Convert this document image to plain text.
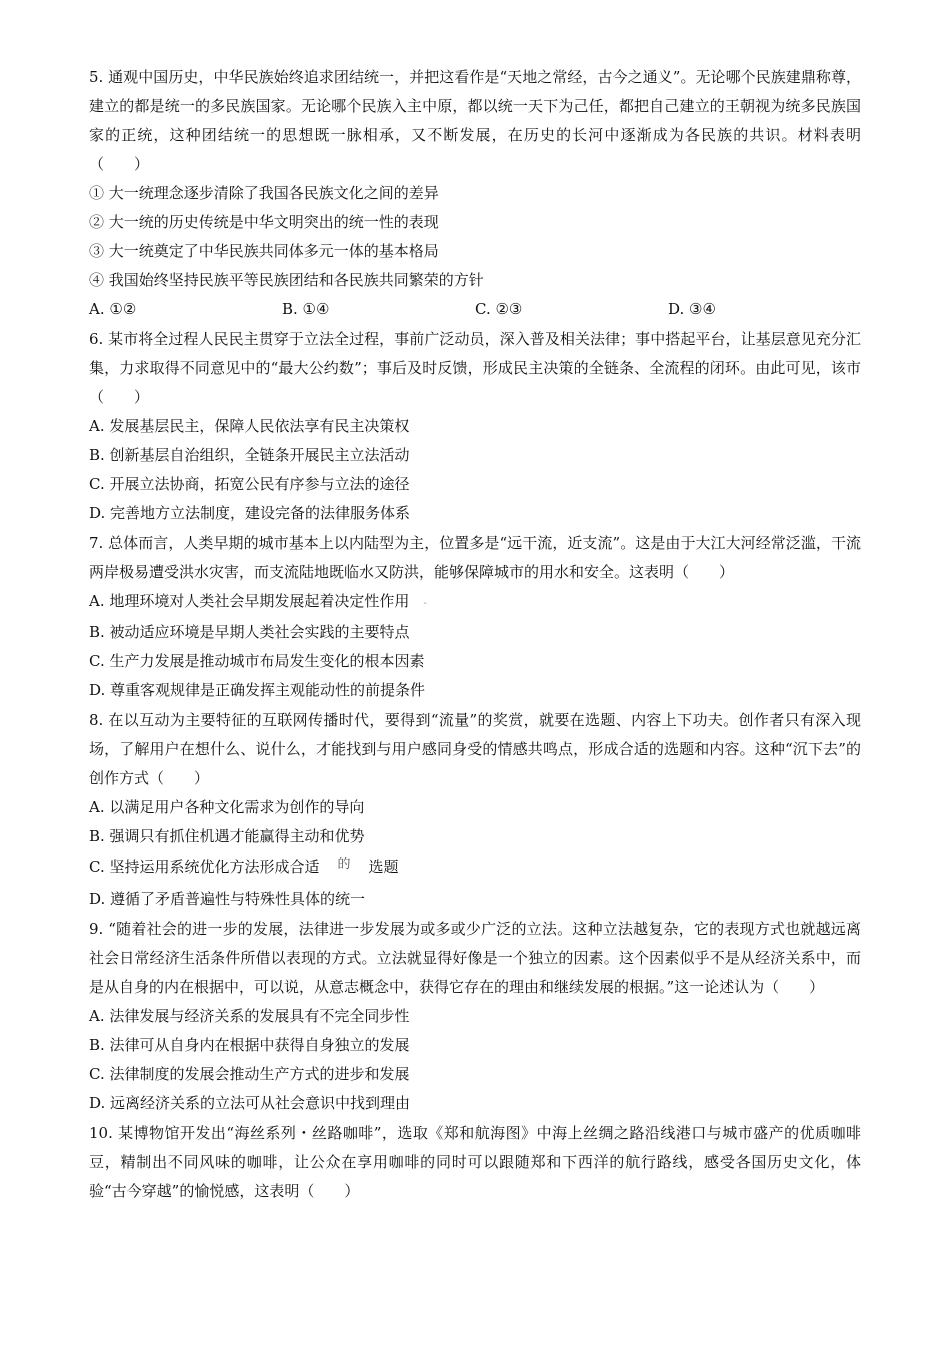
5. 通观中国历史，中华民族始终追求团结统一，并把这看作是“天地之常经，古今之通义”。无论哪个民族建鼎称尊，建立的都是统一的多民族国家。无论哪个民族入主中原，都以统一天下为己任，都把自己建立的王朝视为统多民族国家的正统，这种团结统一的思想既一脉相承，又不断发展，在历史的长河中逐渐成为各民族的共识。材料表明（　　）

① 大一统理念逐步清除了我国各民族文化之间的差异

② 大一统的历史传统是中华文明突出的统一性的表现

③ 大一统奠定了中华民族共同体多元一体的基本格局

④ 我国始终坚持民族平等民族团结和各民族共同繁荣的方针

A. ①②	B. ①④	C. ②③	D. ③④

6. 某市将全过程人民民主贯穿于立法全过程，事前广泛动员，深入普及相关法律；事中搭起平台，让基层意见充分汇集，力求取得不同意见中的“最大公约数”；事后及时反馈，形成民主决策的全链条、全流程的闭环。由此可见，该市（　　）

A. 发展基层民主，保障人民依法享有民主决策权

B. 创新基层自治组织，全链条开展民主立法活动

C. 开展立法协商，拓宽公民有序参与立法的途径

D. 完善地方立法制度，建设完备的法律服务体系

7. 总体而言，人类早期的城市基本上以内陆型为主，位置多是“远干流，近支流”。这是由于大江大河经常泛滥，干流两岸极易遭受洪水灾害，而支流陆地既临水又防洪，能够保障城市的用水和安全。这表明（　　）

A. 地理环境对人类社会早期发展起着决定性作用 -

B. 被动适应环境是早期人类社会实践的主要特点

C. 生产力发展是推动城市布局发生变化的根本因素

D. 尊重客观规律是正确发挥主观能动性的前提条件

8. 在以互动为主要特征的互联网传播时代，要得到“流量”的奖赏，就要在选题、内容上下功夫。创作者只有深入现场，了解用户在想什么、说什么，才能找到与用户感同身受的情感共鸣点，形成合适的选题和内容。这种“沉下去”的创作方式（　　）

A. 以满足用户各种文化需求为创作的导向

B. 强调只有抓住机遇才能赢得主动和优势

C. 坚持运用系统优化方法形成合适 的 选题

D. 遵循了矛盾普遍性与特殊性具体的统一

9. “随着社会的进一步的发展，法律进一步发展为或多或少广泛的立法。这种立法越复杂，它的表现方式也就越远离社会日常经济生活条件所借以表现的方式。立法就显得好像是一个独立的因素。这个因素似乎不是从经济关系中，而是从自身的内在根据中，可以说，从意志概念中，获得它存在的理由和继续发展的根据。”这一论述认为（　　）

A. 法律发展与经济关系的发展具有不完全同步性

B. 法律可从自身内在根据中获得自身独立的发展

C. 法律制度的发展会推动生产方式的进步和发展

D. 远离经济关系的立法可从社会意识中找到理由

10. 某博物馆开发出“海丝系列・丝路咖啡”，选取《郑和航海图》中海上丝绸之路沿线港口与城市盛产的优质咖啡豆，精制出不同风味的咖啡，让公众在享用咖啡的同时可以跟随郑和下西洋的航行路线，感受各国历史文化，体验“古今穿越”的愉悦感，这表明（　　）
